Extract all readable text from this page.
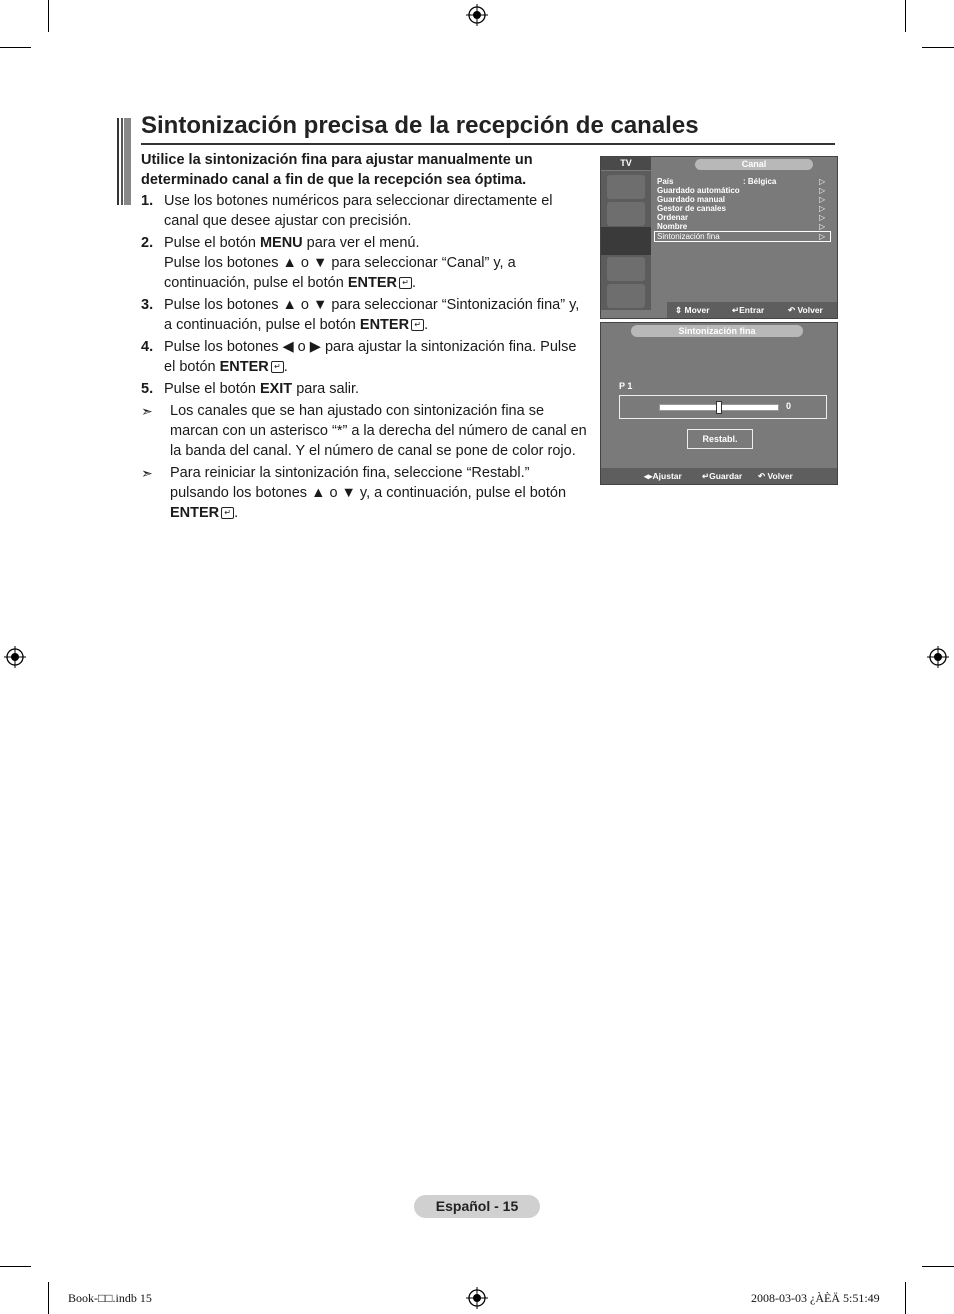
Sintonización precisa de la recepción de canales
Utilice la sintonización fina para ajustar manualmente un determinado canal a fin de que la recepción sea óptima.
1. Use los botones numéricos para seleccionar directamente el canal que desee ajustar con precisión.
2. Pulse el botón MENU para ver el menú.
Pulse los botones ▲ o ▼ para seleccionar “Canal” y, a continuación, pulse el botón ENTER ↵ .
3. Pulse los botones ▲ o ▼ para seleccionar “Sintonización fina” y, a continuación, pulse el botón ENTER ↵ .
4. Pulse los botones ◀ o ▶ para ajustar la sintonización fina. Pulse el botón ENTER ↵ .
5. Pulse el botón EXIT para salir.
➣ Los canales que se han ajustado con sintonización fina se marcan con un asterisco “*” a la derecha del número de canal en la banda del canal. Y el número de canal se pone de color rojo.
➣ Para reiniciar la sintonización fina, seleccione “Restabl.” pulsando los botones ▲ o ▼ y, a continuación, pulse el botón ENTER ↵ .
TV	Canal
País	: Bélgica	▷
Guardado automático	▷
Guardado manual	▷
Gestor de canales	▷
Ordenar	▷
Nombre	▷
Sintonización fina	▷
⇕ Mover	↵Entrar	↶ Volver
Sintonización fina
P 1
0
Restabl.
◂▸Ajustar ↵Guardar ↶ Volver
Español - 15
Book-□□.indb 15	2008-03-03 ¿ÀÈÄ 5:51:49
